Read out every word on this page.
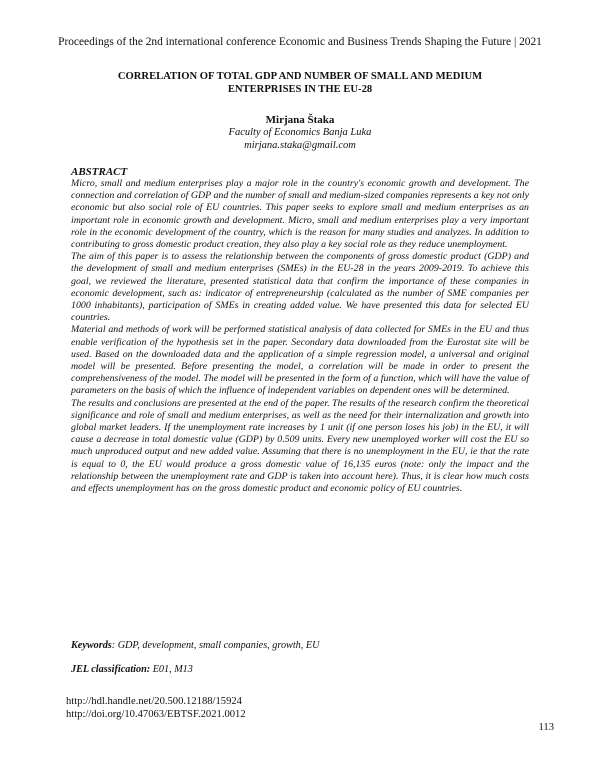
Proceedings of the 2nd international conference Economic and Business Trends Shaping the Future | 2021
CORRELATION OF TOTAL GDP AND NUMBER OF SMALL AND MEDIUM
ENTERPRISES IN THE EU-28
Mirjana Štaka
Faculty of Economics Banja Luka
mirjana.staka@gmail.com
ABSTRACT

Micro, small and medium enterprises play a major role in the country's economic growth and development. The connection and correlation of GDP and the number of small and medium-sized companies represents a key not only economic but also social role of EU countries. This paper seeks to explore small and medium enterprises as an important role in economic growth and development. Micro, small and medium enterprises play a very important role in the economic development of the country, which is the reason for many studies and analyzes. In addition to contributing to gross domestic product creation, they also play a key social role as they reduce unemployment.

The aim of this paper is to assess the relationship between the components of gross domestic product (GDP) and the development of small and medium enterprises (SMEs) in the EU-28 in the years 2009-2019. To achieve this goal, we reviewed the literature, presented statistical data that confirm the importance of these companies in economic development, such as: indicator of entrepreneurship (calculated as the number of SME companies per 1000 inhabitants), participation of SMEs in creating added value. We have presented this data for selected EU countries.

Material and methods of work will be performed statistical analysis of data collected for SMEs in the EU and thus enable verification of the hypothesis set in the paper. Secondary data downloaded from the Eurostat site will be used. Based on the downloaded data and the application of a simple regression model, a universal and original model will be presented. Before presenting the model, a correlation will be made in order to present the comprehensiveness of the model. The model will be presented in the form of a function, which will have the value of parameters on the basis of which the influence of independent variables on dependent ones will be determined.

The results and conclusions are presented at the end of the paper. The results of the research confirm the theoretical significance and role of small and medium enterprises, as well as the need for their internalization and growth into global market leaders. If the unemployment rate increases by 1 unit (if one person loses his job) in the EU, it will cause a decrease in total domestic value (GDP) by 0.509 units. Every new unemployed worker will cost the EU so much unproduced output and new added value. Assuming that there is no unemployment in the EU, ie that the rate is equal to 0, the EU would produce a gross domestic value of 16,135 euros (note: only the impact and the relationship between the unemployment rate and GDP is taken into account here). Thus, it is clear how much costs and effects unemployment has on the gross domestic product and economic policy of EU countries.

Keywords: GDP, development, small companies, growth, EU
JEL classification: E01, M13
http://hdl.handle.net/20.500.12188/15924
http://doi.org/10.47063/EBTSF.2021.0012
113
